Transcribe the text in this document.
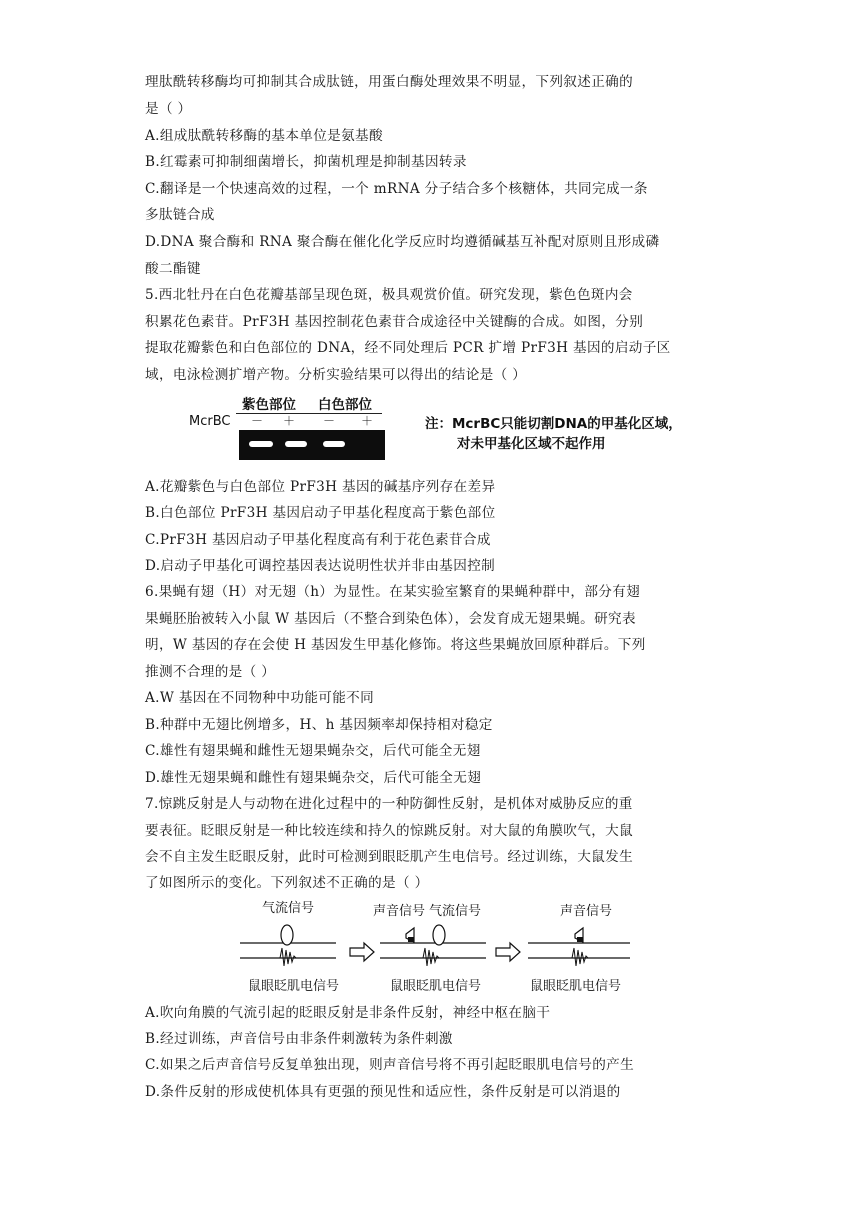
理肽酰转移酶均可抑制其合成肽链，用蛋白酶处理效果不明显，下列叙述正确的
是（ ）
A.组成肽酰转移酶的基本单位是氨基酸
B.红霉素可抑制细菌增长，抑菌机理是抑制基因转录
C.翻译是一个快速高效的过程，一个 mRNA 分子结合多个核糖体，共同完成一条
多肽链合成
D.DNA 聚合酶和 RNA 聚合酶在催化化学反应时均遵循碱基互补配对原则且形成磷
酸二酯键
5.西北牡丹在白色花瓣基部呈现色斑，极具观赏价值。研究发现，紫色色斑内会
积累花色素苷。PrF3H 基因控制花色素苷合成途径中关键酶的合成。如图，分别
提取花瓣紫色和白色部位的 DNA，经不同处理后 PCR 扩增 PrF3H 基因的启动子区
域，电泳检测扩增产物。分析实验结果可以得出的结论是（ ）
紫色部位 白色部位
McrBC － ＋ － ＋	注：McrBC只能切割DNA的甲基化区域，
对未甲基化区域不起作用
A.花瓣紫色与白色部位 PrF3H 基因的碱基序列存在差异
B.白色部位 PrF3H 基因启动子甲基化程度高于紫色部位
C.PrF3H 基因启动子甲基化程度高有利于花色素苷合成
D.启动子甲基化可调控基因表达说明性状并非由基因控制
6.果蝇有翅（H）对无翅（h）为显性。在某实验室繁育的果蝇种群中，部分有翅
果蝇胚胎被转入小鼠 W 基因后（不整合到染色体），会发育成无翅果蝇。研究表
明，W 基因的存在会使 H 基因发生甲基化修饰。将这些果蝇放回原种群后。下列
推测不合理的是（ ）
A.W 基因在不同物种中功能可能不同
B.种群中无翅比例增多，H、h 基因频率却保持相对稳定
C.雄性有翅果蝇和雌性无翅果蝇杂交，后代可能全无翅
D.雄性无翅果蝇和雌性有翅果蝇杂交，后代可能全无翅
7.惊跳反射是人与动物在进化过程中的一种防御性反射，是机体对威胁反应的重
要表征。眨眼反射是一种比较连续和持久的惊跳反射。对大鼠的角膜吹气，大鼠
会不自主发生眨眼反射，此时可检测到眼眨肌产生电信号。经过训练，大鼠发生
了如图所示的变化。下列叙述不正确的是（ ）
气流信号	声音信号 气流信号	声音信号
鼠眼眨肌电信号	鼠眼眨肌电信号	鼠眼眨肌电信号
A.吹向角膜的气流引起的眨眼反射是非条件反射，神经中枢在脑干
B.经过训练，声音信号由非条件刺激转为条件刺激
C.如果之后声音信号反复单独出现，则声音信号将不再引起眨眼肌电信号的产生
D.条件反射的形成使机体具有更强的预见性和适应性，条件反射是可以消退的
